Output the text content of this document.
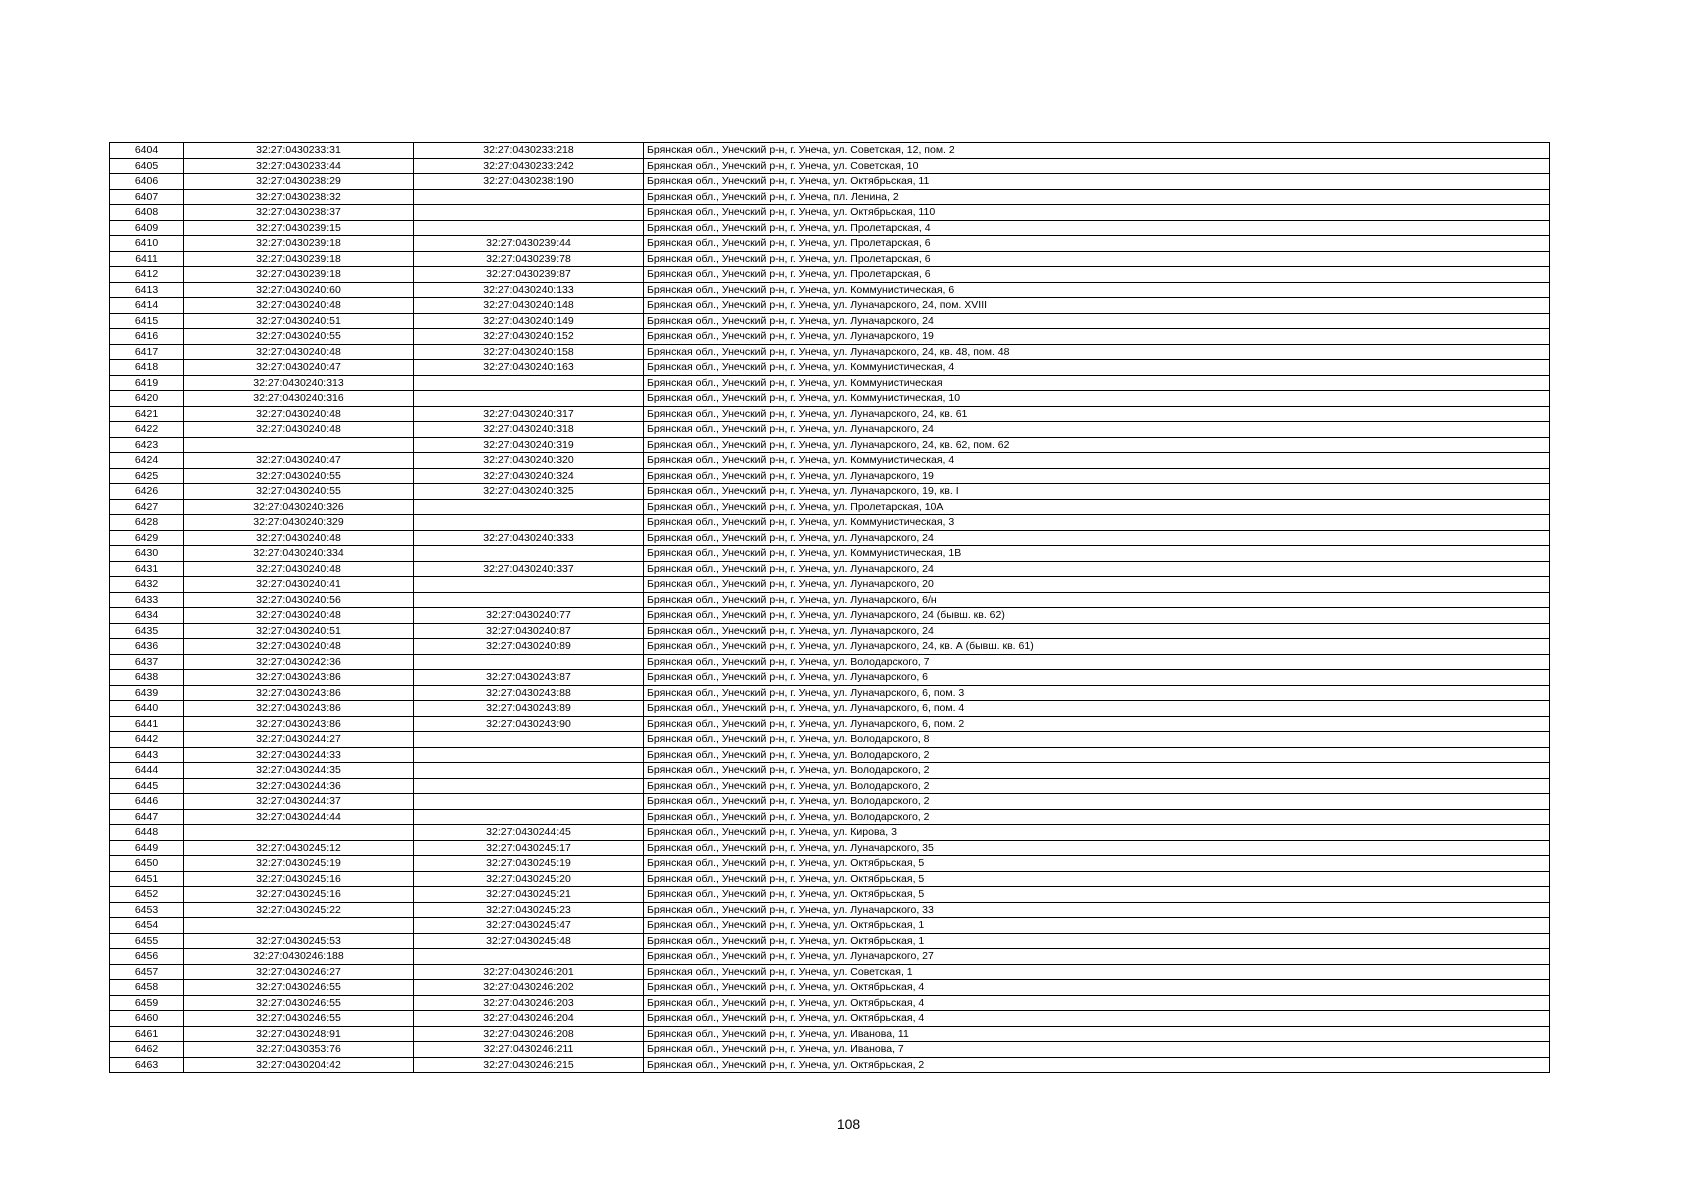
6404	32:27:0430233:31	32:27:0430233:218	Брянская обл., Унечский р-н, г. Унеча, ул. Советская, 12, пом. 2
6405	32:27:0430233:44	32:27:0430233:242	Брянская обл., Унечский р-н, г. Унеча, ул. Советская, 10
6406	32:27:0430238:29	32:27:0430238:190	Брянская обл., Унечский р-н, г. Унеча, ул. Октябрьская, 11
6407	32:27:0430238:32		Брянская обл., Унечский р-н, г. Унеча, пл. Ленина, 2
6408	32:27:0430238:37		Брянская обл., Унечский р-н, г. Унеча, ул. Октябрьская, 110
6409	32:27:0430239:15		Брянская обл., Унечский р-н, г. Унеча, ул. Пролетарская, 4
6410	32:27:0430239:18	32:27:0430239:44	Брянская обл., Унечский р-н, г. Унеча, ул. Пролетарская, 6
6411	32:27:0430239:18	32:27:0430239:78	Брянская обл., Унечский р-н, г. Унеча, ул. Пролетарская, 6
6412	32:27:0430239:18	32:27:0430239:87	Брянская обл., Унечский р-н, г. Унеча, ул. Пролетарская, 6
6413	32:27:0430240:60	32:27:0430240:133	Брянская обл., Унечский р-н, г. Унеча, ул. Коммунистическая, 6
6414	32:27:0430240:48	32:27:0430240:148	Брянская обл., Унечский р-н, г. Унеча, ул. Луначарского, 24, пом. XVIII
6415	32:27:0430240:51	32:27:0430240:149	Брянская обл., Унечский р-н, г. Унеча, ул. Луначарского, 24
6416	32:27:0430240:55	32:27:0430240:152	Брянская обл., Унечский р-н, г. Унеча, ул. Луначарского, 19
6417	32:27:0430240:48	32:27:0430240:158	Брянская обл., Унечский р-н, г. Унеча, ул. Луначарского, 24, кв. 48, пом. 48
6418	32:27:0430240:47	32:27:0430240:163	Брянская обл., Унечский р-н, г. Унеча, ул. Коммунистическая, 4
6419	32:27:0430240:313		Брянская обл., Унечский р-н, г. Унеча, ул. Коммунистическая
6420	32:27:0430240:316		Брянская обл., Унечский р-н, г. Унеча, ул. Коммунистическая, 10
6421	32:27:0430240:48	32:27:0430240:317	Брянская обл., Унечский р-н, г. Унеча, ул. Луначарского, 24, кв. 61
6422	32:27:0430240:48	32:27:0430240:318	Брянская обл., Унечский р-н, г. Унеча, ул. Луначарского, 24
6423		32:27:0430240:319	Брянская обл., Унечский р-н, г. Унеча, ул. Луначарского, 24, кв. 62, пом. 62
6424	32:27:0430240:47	32:27:0430240:320	Брянская обл., Унечский р-н, г. Унеча, ул. Коммунистическая, 4
6425	32:27:0430240:55	32:27:0430240:324	Брянская обл., Унечский р-н, г. Унеча, ул. Луначарского, 19
6426	32:27:0430240:55	32:27:0430240:325	Брянская обл., Унечский р-н, г. Унеча, ул. Луначарского, 19, кв. I
6427	32:27:0430240:326		Брянская обл., Унечский р-н, г. Унеча, ул. Пролетарская, 10А
6428	32:27:0430240:329		Брянская обл., Унечский р-н, г. Унеча, ул. Коммунистическая, 3
6429	32:27:0430240:48	32:27:0430240:333	Брянская обл., Унечский р-н, г. Унеча, ул. Луначарского, 24
6430	32:27:0430240:334		Брянская обл., Унечский р-н, г. Унеча, ул. Коммунистическая, 1В
6431	32:27:0430240:48	32:27:0430240:337	Брянская обл., Унечский р-н, г. Унеча, ул. Луначарского, 24
6432	32:27:0430240:41		Брянская обл., Унечский р-н, г. Унеча, ул. Луначарского, 20
6433	32:27:0430240:56		Брянская обл., Унечский р-н, г. Унеча, ул. Луначарского, 6/н
6434	32:27:0430240:48	32:27:0430240:77	Брянская обл., Унечский р-н, г. Унеча, ул. Луначарского, 24 (бывш. кв. 62)
6435	32:27:0430240:51	32:27:0430240:87	Брянская обл., Унечский р-н, г. Унеча, ул. Луначарского, 24
6436	32:27:0430240:48	32:27:0430240:89	Брянская обл., Унечский р-н, г. Унеча, ул. Луначарского, 24, кв. А (бывш. кв. 61)
6437	32:27:0430242:36		Брянская обл., Унечский р-н, г. Унеча, ул. Володарского, 7
6438	32:27:0430243:86	32:27:0430243:87	Брянская обл., Унечский р-н, г. Унеча, ул. Луначарского, 6
6439	32:27:0430243:86	32:27:0430243:88	Брянская обл., Унечский р-н, г. Унеча, ул. Луначарского, 6, пом. 3
6440	32:27:0430243:86	32:27:0430243:89	Брянская обл., Унечский р-н, г. Унеча, ул. Луначарского, 6, пом. 4
6441	32:27:0430243:86	32:27:0430243:90	Брянская обл., Унечский р-н, г. Унеча, ул. Луначарского, 6, пом. 2
6442	32:27:0430244:27		Брянская обл., Унечский р-н, г. Унеча, ул. Володарского, 8
6443	32:27:0430244:33		Брянская обл., Унечский р-н, г. Унеча, ул. Володарского, 2
6444	32:27:0430244:35		Брянская обл., Унечский р-н, г. Унеча, ул. Володарского, 2
6445	32:27:0430244:36		Брянская обл., Унечский р-н, г. Унеча, ул. Володарского, 2
6446	32:27:0430244:37		Брянская обл., Унечский р-н, г. Унеча, ул. Володарского, 2
6447	32:27:0430244:44		Брянская обл., Унечский р-н, г. Унеча, ул. Володарского, 2
6448		32:27:0430244:45	Брянская обл., Унечский р-н, г. Унеча, ул. Кирова, 3
6449	32:27:0430245:12	32:27:0430245:17	Брянская обл., Унечский р-н, г. Унеча, ул. Луначарского, 35
6450	32:27:0430245:19	32:27:0430245:19	Брянская обл., Унечский р-н, г. Унеча, ул. Октябрьская, 5
6451	32:27:0430245:16	32:27:0430245:20	Брянская обл., Унечский р-н, г. Унеча, ул. Октябрьская, 5
6452	32:27:0430245:16	32:27:0430245:21	Брянская обл., Унечский р-н, г. Унеча, ул. Октябрьская, 5
6453	32:27:0430245:22	32:27:0430245:23	Брянская обл., Унечский р-н, г. Унеча, ул. Луначарского, 33
6454		32:27:0430245:47	Брянская обл., Унечский р-н, г. Унеча, ул. Октябрьская, 1
6455	32:27:0430245:53	32:27:0430245:48	Брянская обл., Унечский р-н, г. Унеча, ул. Октябрьская, 1
6456	32:27:0430246:188		Брянская обл., Унечский р-н, г. Унеча, ул. Луначарского, 27
6457	32:27:0430246:27	32:27:0430246:201	Брянская обл., Унечский р-н, г. Унеча, ул. Советская, 1
6458	32:27:0430246:55	32:27:0430246:202	Брянская обл., Унечский р-н, г. Унеча, ул. Октябрьская, 4
6459	32:27:0430246:55	32:27:0430246:203	Брянская обл., Унечский р-н, г. Унеча, ул. Октябрьская, 4
6460	32:27:0430246:55	32:27:0430246:204	Брянская обл., Унечский р-н, г. Унеча, ул. Октябрьская, 4
6461	32:27:0430248:91	32:27:0430246:208	Брянская обл., Унечский р-н, г. Унеча, ул. Иванова, 11
6462	32:27:0430353:76	32:27:0430246:211	Брянская обл., Унечский р-н, г. Унеча, ул. Иванова, 7
6463	32:27:0430204:42	32:27:0430246:215	Брянская обл., Унечский р-н, г. Унеча, ул. Октябрьская, 2
108
